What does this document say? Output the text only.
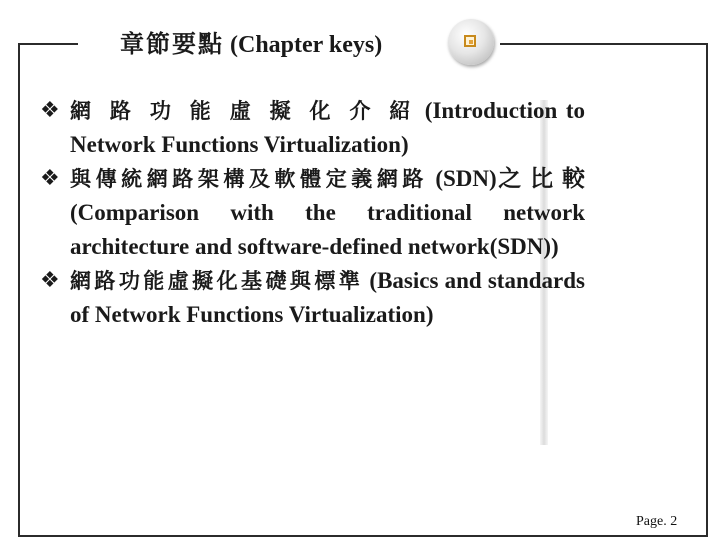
章節要點 (Chapter keys)
❖ 網 路 功 能 虛 擬 化 介 紹 (Introduction to Network Functions Virtualization)
❖ 與傳統網路架構及軟體定義網路 (SDN)之 比 較 (Comparison with the traditional network architecture and software-defined network(SDN))
❖ 網路功能虛擬化基礎與標準 (Basics and standards of Network Functions Virtualization)
Page. 2
